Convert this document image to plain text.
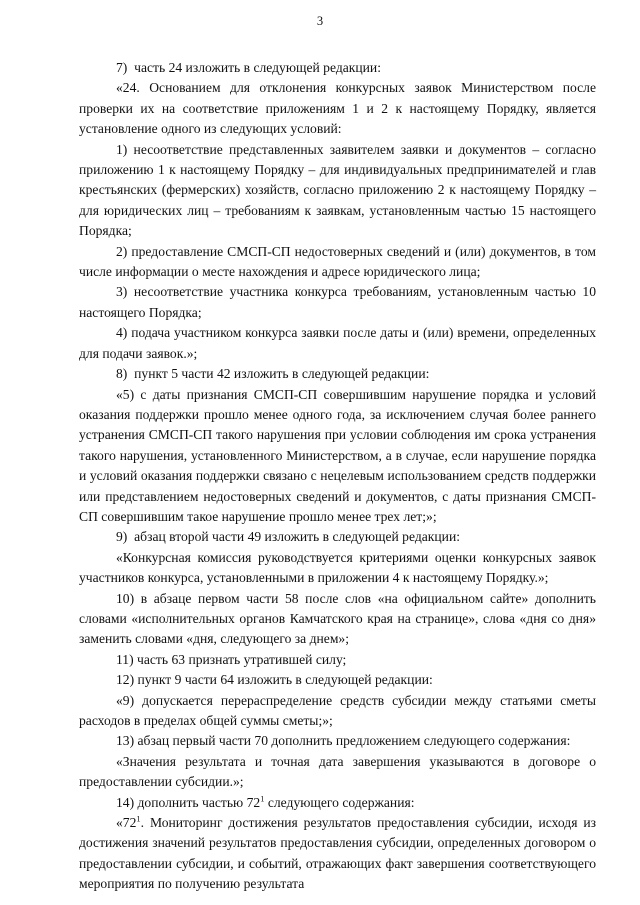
3

7)  часть 24 изложить в следующей редакции:

«24. Основанием для отклонения конкурсных заявок Министерством после проверки их на соответствие приложениям 1 и 2 к настоящему Порядку, является установление одного из следующих условий:

1) несоответствие представленных заявителем заявки и документов – согласно приложению 1 к настоящему Порядку – для индивидуальных предпринимателей и глав крестьянских (фермерских) хозяйств, согласно приложению 2 к настоящему Порядку – для юридических лиц – требованиям к заявкам, установленным частью 15 настоящего Порядка;

2) предоставление СМСП-СП недостоверных сведений и (или) документов, в том числе информации о месте нахождения и адресе юридического лица;

3) несоответствие участника конкурса требованиям, установленным частью 10 настоящего Порядка;

4) подача участником конкурса заявки после даты и (или) времени, определенных для подачи заявок.»;

8)  пункт 5 части 42 изложить в следующей редакции:

«5) с даты признания СМСП-СП совершившим нарушение порядка и условий оказания поддержки прошло менее одного года, за исключением случая более раннего устранения СМСП-СП такого нарушения при условии соблюдения им срока устранения такого нарушения, установленного Министерством, а в случае, если нарушение порядка и условий оказания поддержки связано с нецелевым использованием средств поддержки или представлением недостоверных сведений и документов, с даты признания СМСП-СП совершившим такое нарушение прошло менее трех лет;»;

9)  абзац второй части 49 изложить в следующей редакции:

«Конкурсная комиссия руководствуется критериями оценки конкурсных заявок участников конкурса, установленными в приложении 4 к настоящему Порядку.»;

10) в абзаце первом части 58 после слов «на официальном сайте» дополнить словами «исполнительных органов Камчатского края на странице», слова «дня со дня» заменить словами «дня, следующего за днем»;

11) часть 63 признать утратившей силу;

12) пункт 9 части 64 изложить в следующей редакции:

«9) допускается перераспределение средств субсидии между статьями сметы расходов в пределах общей суммы сметы;»;

13) абзац первый части 70 дополнить предложением следующего содержания:

«Значения результата и точная дата завершения указываются в договоре о предоставлении субсидии.»;

14) дополнить частью $72^1$ следующего содержания:

«$72^1$. Мониторинг достижения результатов предоставления субсидии, исходя из достижения значений результатов предоставления субсидии, определенных договором о предоставлении субсидии, и событий, отражающих факт завершения соответствующего мероприятия по получению результата
